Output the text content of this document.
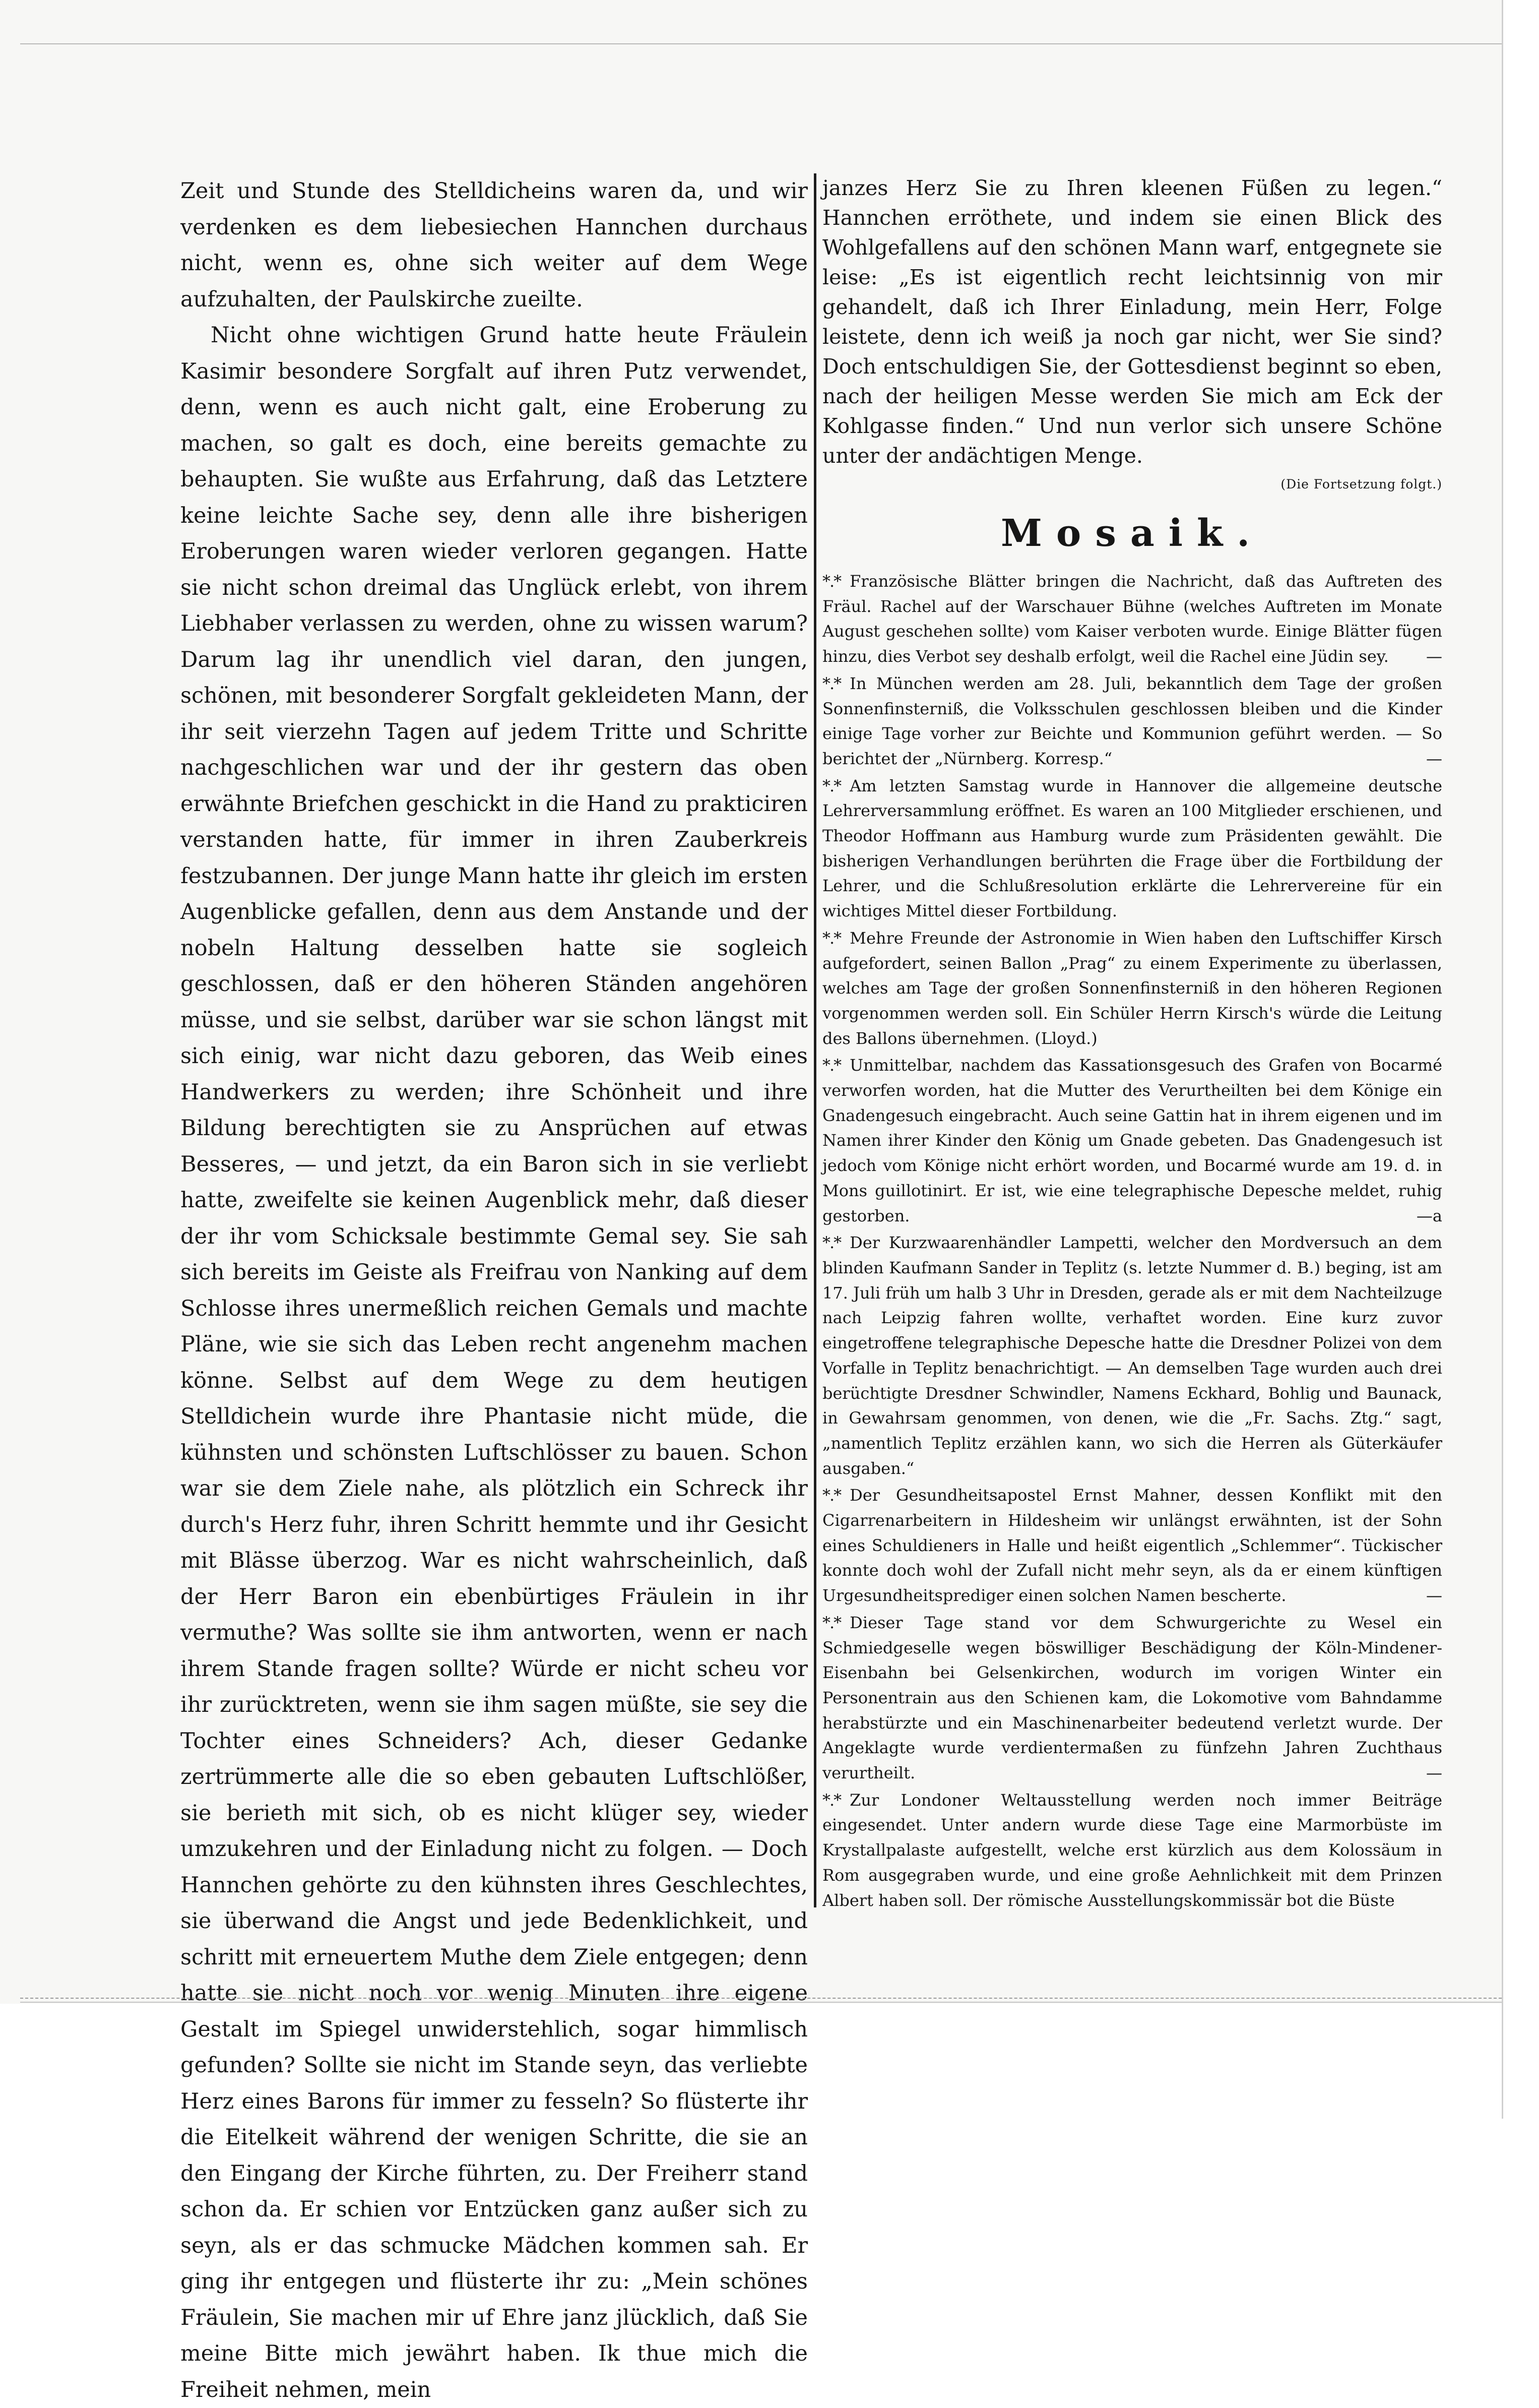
Zeit und Stunde des Stelldicheins waren da, und wir verdenken es dem liebesiechen Hannchen durchaus nicht, wenn es, ohne sich weiter auf dem Wege aufzuhalten, der Paulskirche zueilte.

Nicht ohne wichtigen Grund hatte heute Fräulein Kasimir besondere Sorgfalt auf ihren Putz verwendet, denn, wenn es auch nicht galt, eine Eroberung zu machen, so galt es doch, eine bereits gemachte zu behaupten. Sie wußte aus Erfahrung, daß das Letztere keine leichte Sache sey, denn alle ihre bisherigen Eroberungen waren wieder verloren gegangen. Hatte sie nicht schon dreimal das Unglück erlebt, von ihrem Liebhaber verlassen zu werden, ohne zu wissen warum? Darum lag ihr unendlich viel daran, den jungen, schönen, mit besonderer Sorgfalt gekleideten Mann, der ihr seit vierzehn Tagen auf jedem Tritte und Schritte nachgeschlichen war und der ihr gestern das oben erwähnte Briefchen geschickt in die Hand zu prakticiren verstanden hatte, für immer in ihren Zauberkreis festzubannen. Der junge Mann hatte ihr gleich im ersten Augenblicke gefallen, denn aus dem Anstande und der nobeln Haltung desselben hatte sie sogleich geschlossen, daß er den höheren Ständen angehören müsse, und sie selbst, darüber war sie schon längst mit sich einig, war nicht dazu geboren, das Weib eines Handwerkers zu werden; ihre Schönheit und ihre Bildung berechtigten sie zu Ansprüchen auf etwas Besseres, — und jetzt, da ein Baron sich in sie verliebt hatte, zweifelte sie keinen Augenblick mehr, daß dieser der ihr vom Schicksale bestimmte Gemal sey. Sie sah sich bereits im Geiste als Freifrau von Nanking auf dem Schlosse ihres unermeßlich reichen Gemals und machte Pläne, wie sie sich das Leben recht angenehm machen könne. Selbst auf dem Wege zu dem heutigen Stelldichein wurde ihre Phantasie nicht müde, die kühnsten und schönsten Luftschlösser zu bauen. Schon war sie dem Ziele nahe, als plötzlich ein Schreck ihr durch's Herz fuhr, ihren Schritt hemmte und ihr Gesicht mit Blässe überzog. War es nicht wahrscheinlich, daß der Herr Baron ein ebenbürtiges Fräulein in ihr vermuthe? Was sollte sie ihm antworten, wenn er nach ihrem Stande fragen sollte? Würde er nicht scheu vor ihr zurücktreten, wenn sie ihm sagen müßte, sie sey die Tochter eines Schneiders? Ach, dieser Gedanke zertrümmerte alle die so eben gebauten Luftschlößer, sie berieth mit sich, ob es nicht klüger sey, wieder umzukehren und der Einladung nicht zu folgen. — Doch Hannchen gehörte zu den kühnsten ihres Geschlechtes, sie überwand die Angst und jede Bedenklichkeit, und schritt mit erneuertem Muthe dem Ziele entgegen; denn hatte sie nicht noch vor wenig Minuten ihre eigene Gestalt im Spiegel unwiderstehlich, sogar himmlisch gefunden? Sollte sie nicht im Stande seyn, das verliebte Herz eines Barons für immer zu fesseln? So flüsterte ihr die Eitelkeit während der wenigen Schritte, die sie an den Eingang der Kirche führten, zu. Der Freiherr stand schon da. Er schien vor Entzücken ganz außer sich zu seyn, als er das schmucke Mädchen kommen sah. Er ging ihr entgegen und flüsterte ihr zu: „Mein schönes Fräulein, Sie machen mir uf Ehre janz jlücklich, daß Sie meine Bitte mich jewährt haben. Ik thue mich die Freiheit nehmen, mein

janzes Herz Sie zu Ihren kleenen Füßen zu legen.“ Hannchen erröthete, und indem sie einen Blick des Wohlgefallens auf den schönen Mann warf, entgegnete sie leise: „Es ist eigentlich recht leichtsinnig von mir gehandelt, daß ich Ihrer Einladung, mein Herr, Folge leistete, denn ich weiß ja noch gar nicht, wer Sie sind? Doch entschuldigen Sie, der Gottesdienst beginnt so eben, nach der heiligen Messe werden Sie mich am Eck der Kohlgasse finden.“ Und nun verlor sich unsere Schöne unter der andächtigen Menge.

(Die Fortsetzung folgt.)
Mosaik.

*.* Französische Blätter bringen die Nachricht, daß das Auftreten des Fräul. Rachel auf der Warschauer Bühne (welches Auftreten im Monate August geschehen sollte) vom Kaiser verboten wurde. Einige Blätter fügen hinzu, dies Verbot sey deshalb erfolgt, weil die Rachel eine Jüdin sey.	—

*.* In München werden am 28. Juli, bekanntlich dem Tage der großen Sonnenfinsterniß, die Volksschulen geschlossen bleiben und die Kinder einige Tage vorher zur Beichte und Kommunion geführt werden. — So berichtet der „Nürnberg. Korresp.“	—

*.* Am letzten Samstag wurde in Hannover die allgemeine deutsche Lehrerversammlung eröffnet. Es waren an 100 Mitglieder erschienen, und Theodor Hoffmann aus Hamburg wurde zum Präsidenten gewählt. Die bisherigen Verhandlungen berührten die Frage über die Fortbildung der Lehrer, und die Schlußresolution erklärte die Lehrervereine für ein wichtiges Mittel dieser Fortbildung.

*.* Mehre Freunde der Astronomie in Wien haben den Luftschiffer Kirsch aufgefordert, seinen Ballon „Prag“ zu einem Experimente zu überlassen, welches am Tage der großen Sonnenfinsterniß in den höheren Regionen vorgenommen werden soll. Ein Schüler Herrn Kirsch's würde die Leitung des Ballons übernehmen. (Lloyd.)

*.* Unmittelbar, nachdem das Kassationsgesuch des Grafen von Bocarmé verworfen worden, hat die Mutter des Verurtheilten bei dem Könige ein Gnadengesuch eingebracht. Auch seine Gattin hat in ihrem eigenen und im Namen ihrer Kinder den König um Gnade gebeten. Das Gnadengesuch ist jedoch vom Könige nicht erhört worden, und Bocarmé wurde am 19. d. in Mons guillotinirt. Er ist, wie eine telegraphische Depesche meldet, ruhig gestorben.	—a

*.* Der Kurzwaarenhändler Lampetti, welcher den Mordversuch an dem blinden Kaufmann Sander in Teplitz (s. letzte Nummer d. B.) beging, ist am 17. Juli früh um halb 3 Uhr in Dresden, gerade als er mit dem Nachteilzuge nach Leipzig fahren wollte, verhaftet worden. Eine kurz zuvor eingetroffene telegraphische Depesche hatte die Dresdner Polizei von dem Vorfalle in Teplitz benachrichtigt. — An demselben Tage wurden auch drei berüchtigte Dresdner Schwindler, Namens Eckhard, Bohlig und Baunack, in Gewahrsam genommen, von denen, wie die „Fr. Sachs. Ztg.“ sagt, „namentlich Teplitz erzählen kann, wo sich die Herren als Güterkäufer ausgaben.“

*.* Der Gesundheitsapostel Ernst Mahner, dessen Konflikt mit den Cigarrenarbeitern in Hildesheim wir unlängst erwähnten, ist der Sohn eines Schuldieners in Halle und heißt eigentlich „Schlemmer“. Tückischer konnte doch wohl der Zufall nicht mehr seyn, als da er einem künftigen Urgesundheitsprediger einen solchen Namen bescherte.	—

*.* Dieser Tage stand vor dem Schwurgerichte zu Wesel ein Schmiedgeselle wegen böswilliger Beschädigung der Köln-Mindener-Eisenbahn bei Gelsenkirchen, wodurch im vorigen Winter ein Personentrain aus den Schienen kam, die Lokomotive vom Bahndamme herabstürzte und ein Maschinenarbeiter bedeutend verletzt wurde. Der Angeklagte wurde verdientermaßen zu fünfzehn Jahren Zuchthaus verurtheilt.	—

*.* Zur Londoner Weltausstellung werden noch immer Beiträge eingesendet. Unter andern wurde diese Tage eine Marmorbüste im Krystallpalaste aufgestellt, welche erst kürzlich aus dem Kolossäum in Rom ausgegraben wurde, und eine große Aehnlichkeit mit dem Prinzen Albert haben soll. Der römische Ausstellungskommissär bot die Büste
